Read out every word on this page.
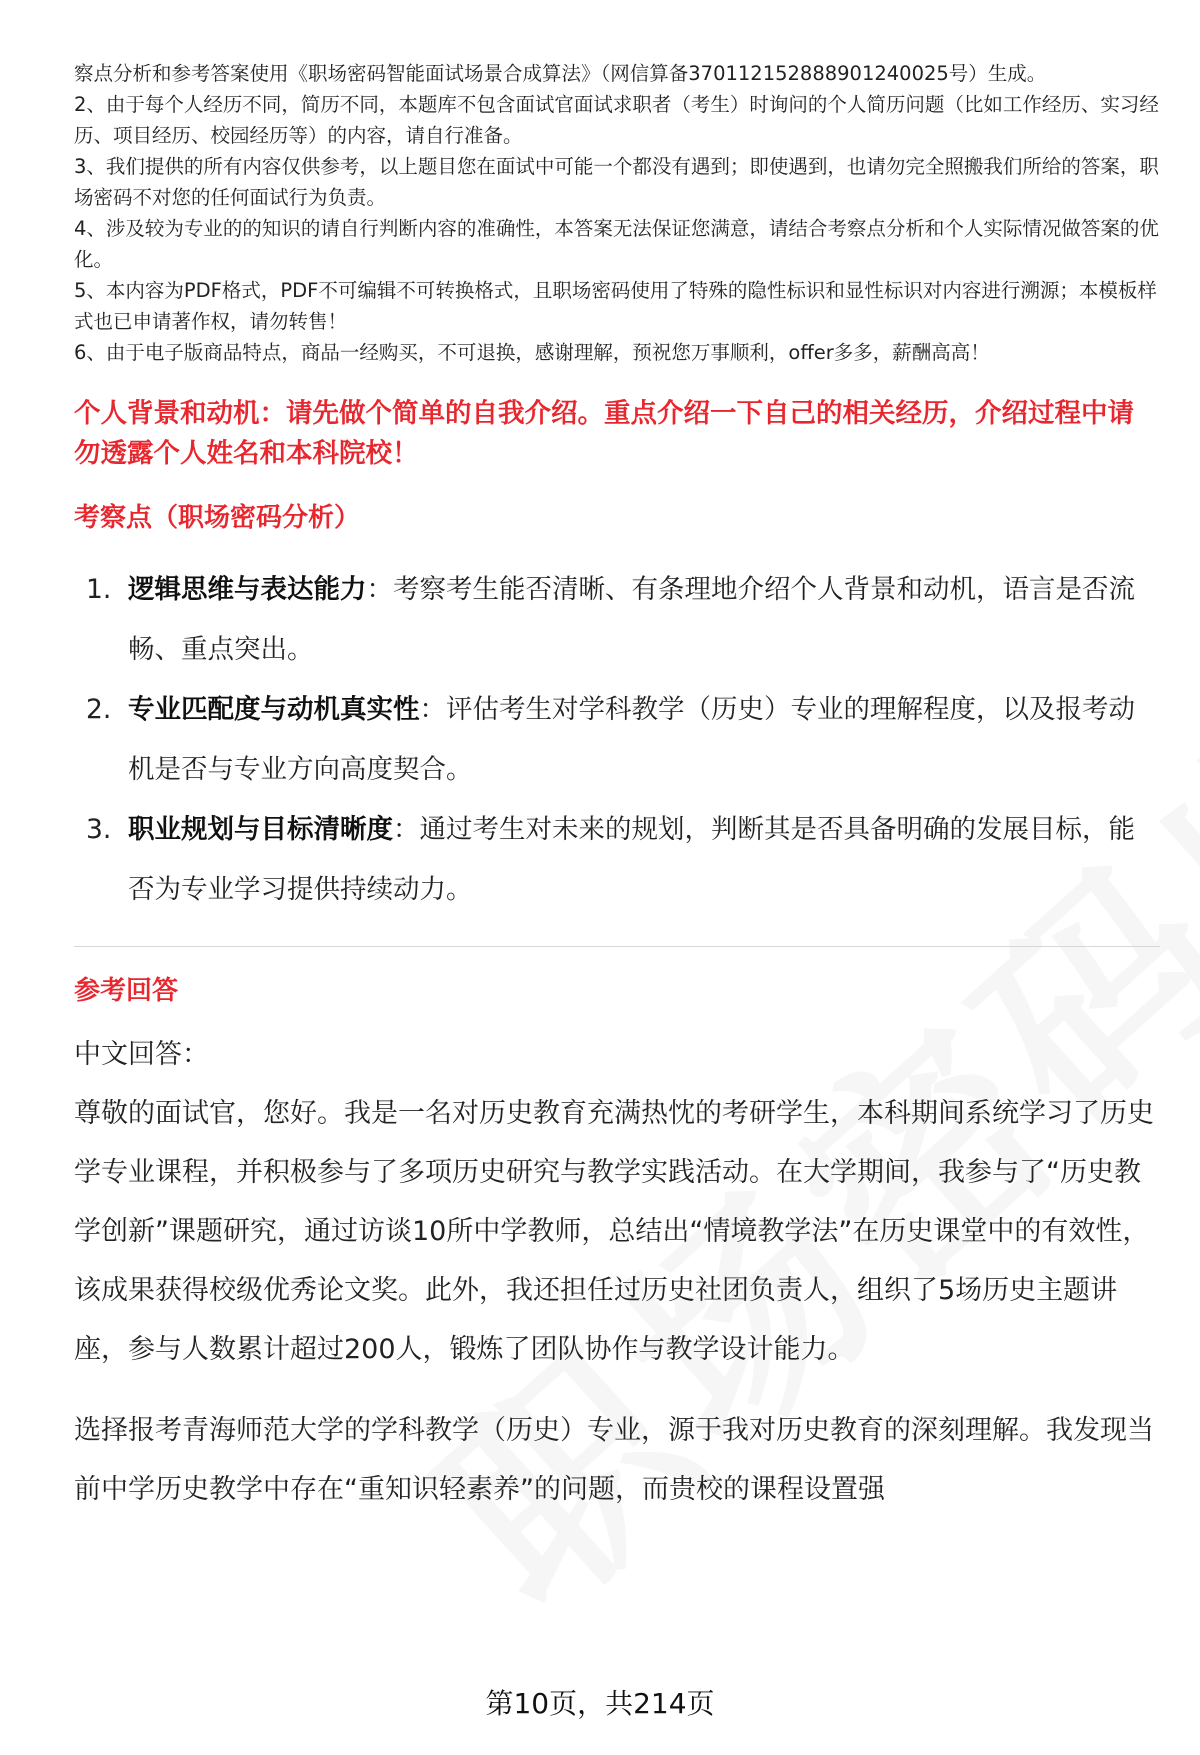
察点分析和参考答案使用《职场密码智能面试场景合成算法》（网信算备370112152888901240025号）生成。

2、由于每个人经历不同，简历不同，本题库不包含面试官面试求职者（考生）时询问的个人简历问题（比如工作经历、实习经历、项目经历、校园经历等）的内容，请自行准备。

3、我们提供的所有内容仅供参考，以上题目您在面试中可能一个都没有遇到；即使遇到，也请勿完全照搬我们所给的答案，职场密码不对您的任何面试行为负责。

4、涉及较为专业的的知识的请自行判断内容的准确性，本答案无法保证您满意，请结合考察点分析和个人实际情况做答案的优化。

5、本内容为PDF格式，PDF不可编辑不可转换格式，且职场密码使用了特殊的隐性标识和显性标识对内容进行溯源；本模板样式也已申请著作权，请勿转售！

6、由于电子版商品特点，商品一经购买，不可退换，感谢理解，预祝您万事顺利，offer多多，薪酬高高！

个人背景和动机：请先做个简单的自我介绍。重点介绍一下自己的相关经历，介绍过程中请勿透露个人姓名和本科院校！
考察点（职场密码分析）
1. 逻辑思维与表达能力：考察考生能否清晰、有条理地介绍个人背景和动机，语言是否流畅、重点突出。
2. 专业匹配度与动机真实性：评估考生对学科教学（历史）专业的理解程度，以及报考动机是否与专业方向高度契合。
3. 职业规划与目标清晰度：通过考生对未来的规划，判断其是否具备明确的发展目标，能否为专业学习提供持续动力。
参考回答

中文回答：

尊敬的面试官，您好。我是一名对历史教育充满热忱的考研学生，本科期间系统学习了历史学专业课程，并积极参与了多项历史研究与教学实践活动。在大学期间，我参与了“历史教学创新”课题研究，通过访谈10所中学教师，总结出“情境教学法”在历史课堂中的有效性，该成果获得校级优秀论文奖。此外，我还担任过历史社团负责人，组织了5场历史主题讲座，参与人数累计超过200人，锻炼了团队协作与教学设计能力。

选择报考青海师范大学的学科教学（历史）专业，源于我对历史教育的深刻理解。我发现当前中学历史教学中存在“重知识轻素养”的问题，而贵校的课程设置强

第10页，共214页
